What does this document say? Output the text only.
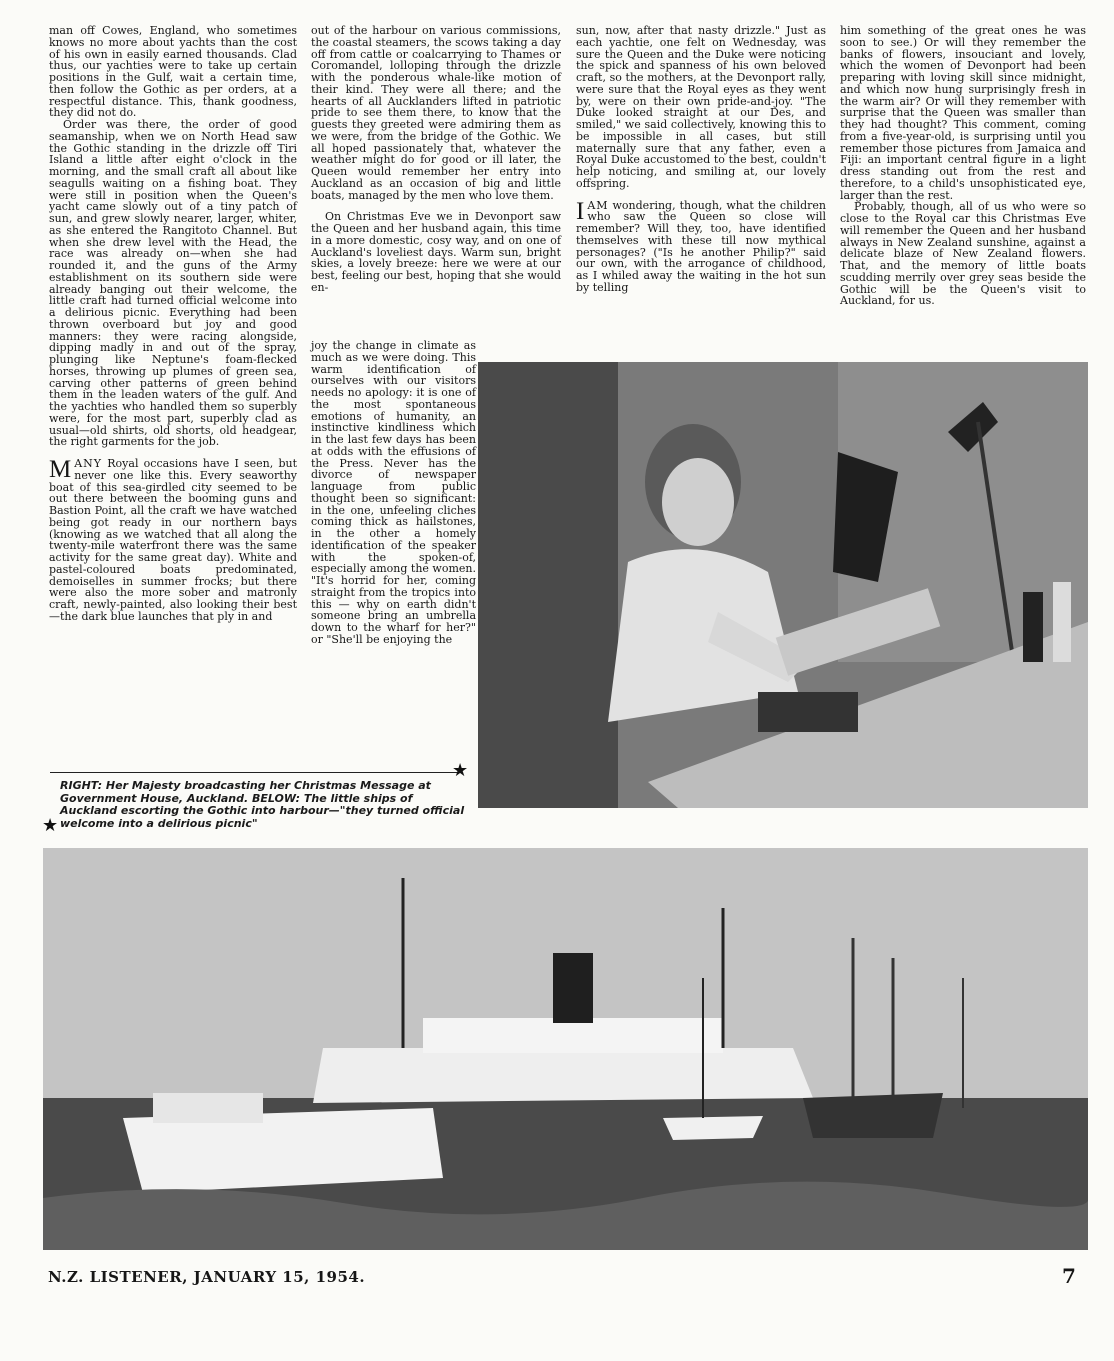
man off Cowes, England, who sometimes knows no more about yachts than the cost of his own in easily earned thousands. Clad thus, our yachties were to take up certain positions in the Gulf, wait a certain time, then follow the Gothic as per orders, at a respectful distance. This, thank goodness, they did not do.

Order was there, the order of good seamanship, when we on North Head saw the Gothic standing in the drizzle off Tiri Island a little after eight o'clock in the morning, and the small craft all about like seagulls waiting on a fishing boat. They were still in position when the Queen's yacht came slowly out of a tiny patch of sun, and grew slowly nearer, larger, whiter, as she entered the Rangitoto Channel. But when she drew level with the Head, the race was already on—when she had rounded it, and the guns of the Army establishment on its southern side were already banging out their welcome, the little craft had turned official welcome into a delirious picnic. Everything had been thrown overboard but joy and good manners: they were racing alongside, dipping madly in and out of the spray, plunging like Neptune's foam-flecked horses, throwing up plumes of green sea, carving other patterns of green behind them in the leaden waters of the gulf. And the yachties who handled them so superbly were, for the most part, superbly clad as usual—old shirts, old shorts, old headgear, the right garments for the job.

MANY Royal occasions have I seen, but never one like this. Every seaworthy boat of this sea-girdled city seemed to be out there between the booming guns and Bastion Point, all the craft we have watched being got ready in our northern bays (knowing as we watched that all along the twenty-mile waterfront there was the same activity for the same great day). White and pastel-coloured boats predominated, demoiselles in summer frocks; but there were also the more sober and matronly craft, newly-painted, also looking their best—the dark blue launches that ply in and

out of the harbour on various commissions, the coastal steamers, the scows taking a day off from cattle or coalcarrying to Thames or Coromandel, lolloping through the drizzle with the ponderous whale-like motion of their kind. They were all there; and the hearts of all Aucklanders lifted in patriotic pride to see them there, to know that the guests they greeted were admiring them as we were, from the bridge of the Gothic. We all hoped passionately that, whatever the weather might do for good or ill later, the Queen would remember her entry into Auckland as an occasion of big and little boats, managed by the men who love them.

On Christmas Eve we in Devonport saw the Queen and her husband again, this time in a more domestic, cosy way, and on one of Auckland's loveliest days. Warm sun, bright skies, a lovely breeze: here we were at our best, feeling our best, hoping that she would en-

joy the change in climate as much as we were doing. This warm identification of ourselves with our visitors needs no apology: it is one of the most spontaneous emotions of humanity, an instinctive kindliness which in the last few days has been at odds with the effusions of the Press. Never has the divorce of newspaper language from public thought been so significant: in the one, unfeeling cliches coming thick as hailstones, in the other a homely identification of the speaker with the spoken-of, especially among the women. "It's horrid for her, coming straight from the tropics into this — why on earth didn't someone bring an umbrella down to the wharf for her?" or "She'll be enjoying the

sun, now, after that nasty drizzle." Just as each yachtie, one felt on Wednesday, was sure the Queen and the Duke were noticing the spick and spanness of his own beloved craft, so the mothers, at the Devonport rally, were sure that the Royal eyes as they went by, were on their own pride-and-joy. "The Duke looked straight at our Des, and smiled," we said collectively, knowing this to be impossible in all cases, but still maternally sure that any father, even a Royal Duke accustomed to the best, couldn't help noticing, and smiling at, our lovely offspring.

IAM wondering, though, what the children who saw the Queen so close will remember? Will they, too, have identified themselves with these till now mythical personages? ("Is he another Philip?" said our own, with the arrogance of childhood, as I whiled away the waiting in the hot sun by telling

him something of the great ones he was soon to see.) Or will they remember the banks of flowers, insouciant and lovely, which the women of Devonport had been preparing with loving skill since midnight, and which now hung surprisingly fresh in the warm air? Or will they remember with surprise that the Queen was smaller than they had thought? This comment, coming from a five-year-old, is surprising until you remember those pictures from Jamaica and Fiji: an important central figure in a light dress standing out from the rest and therefore, to a child's unsophisticated eye, larger than the rest.

Probably, though, all of us who were so close to the Royal car this Christmas Eve will remember the Queen and her husband always in New Zealand sunshine, against a delicate blaze of New Zealand flowers. That, and the memory of little boats scudding merrily over grey seas beside the Gothic will be the Queen's visit to Auckland, for us.

★
RIGHT: Her Majesty broadcasting her Christmas Message at Government House, Auckland. BELOW: The little ships of Auckland escorting the Gothic into harbour—"they turned official welcome into a delirious picnic"
★
N.Z. LISTENER, JANUARY 15, 1954.	7
